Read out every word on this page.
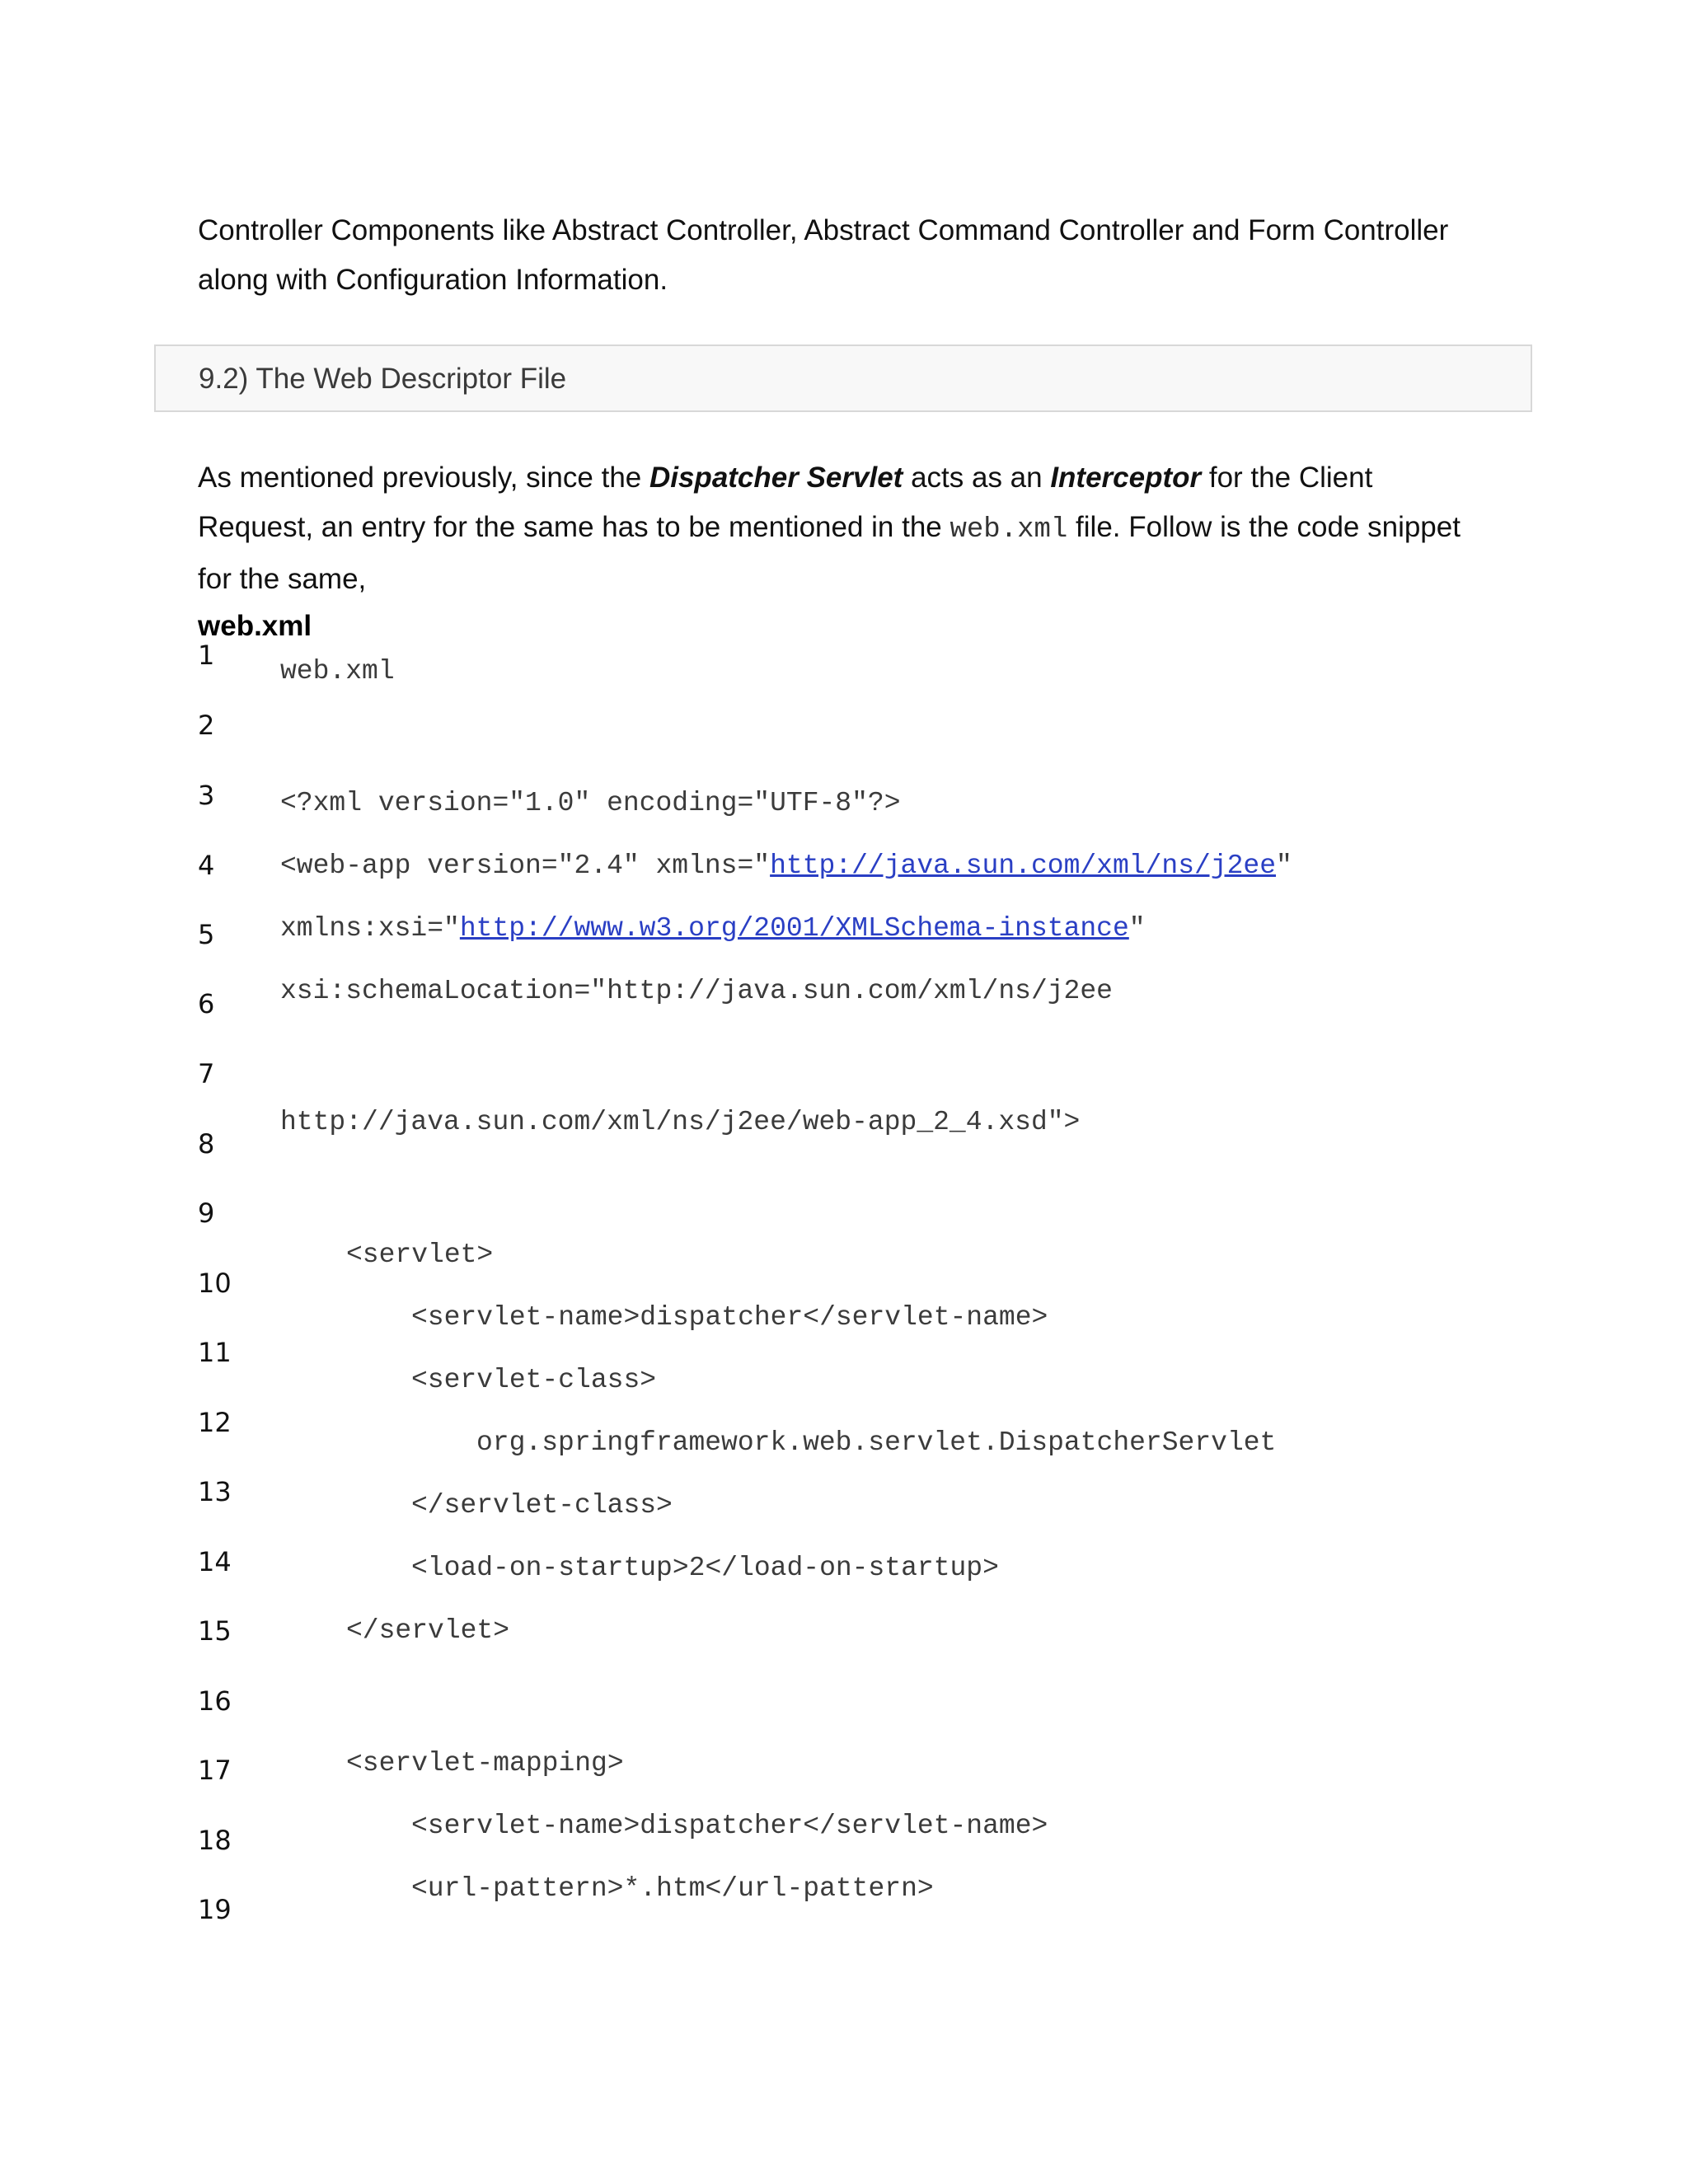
Controller Components like Abstract Controller, Abstract Command Controller and Form Controller
along with Configuration Information.

9.2) The Web Descriptor File

As mentioned previously, since the Dispatcher Servlet acts as an Interceptor for the Client
Request, an entry for the same has to be mentioned in the web.xml file. Follow is the code snippet
for the same,

web.xml
1
2
3
4
5
6
7
8
9
10
11
12
13
14
15
16
17
18
19
web.xml
<?xml version="1.0" encoding="UTF-8"?>
<web-app version="2.4" xmlns="http://java.sun.com/xml/ns/j2ee"
xmlns:xsi="http://www.w3.org/2001/XMLSchema-instance"
xsi:schemaLocation="http://java.sun.com/xml/ns/j2ee
http://java.sun.com/xml/ns/j2ee/web-app_2_4.xsd">
<servlet>
<servlet-name>dispatcher</servlet-name>
<servlet-class>
org.springframework.web.servlet.DispatcherServlet
</servlet-class>
<load-on-startup>2</load-on-startup>
</servlet>
<servlet-mapping>
<servlet-name>dispatcher</servlet-name>
<url-pattern>*.htm</url-pattern>
